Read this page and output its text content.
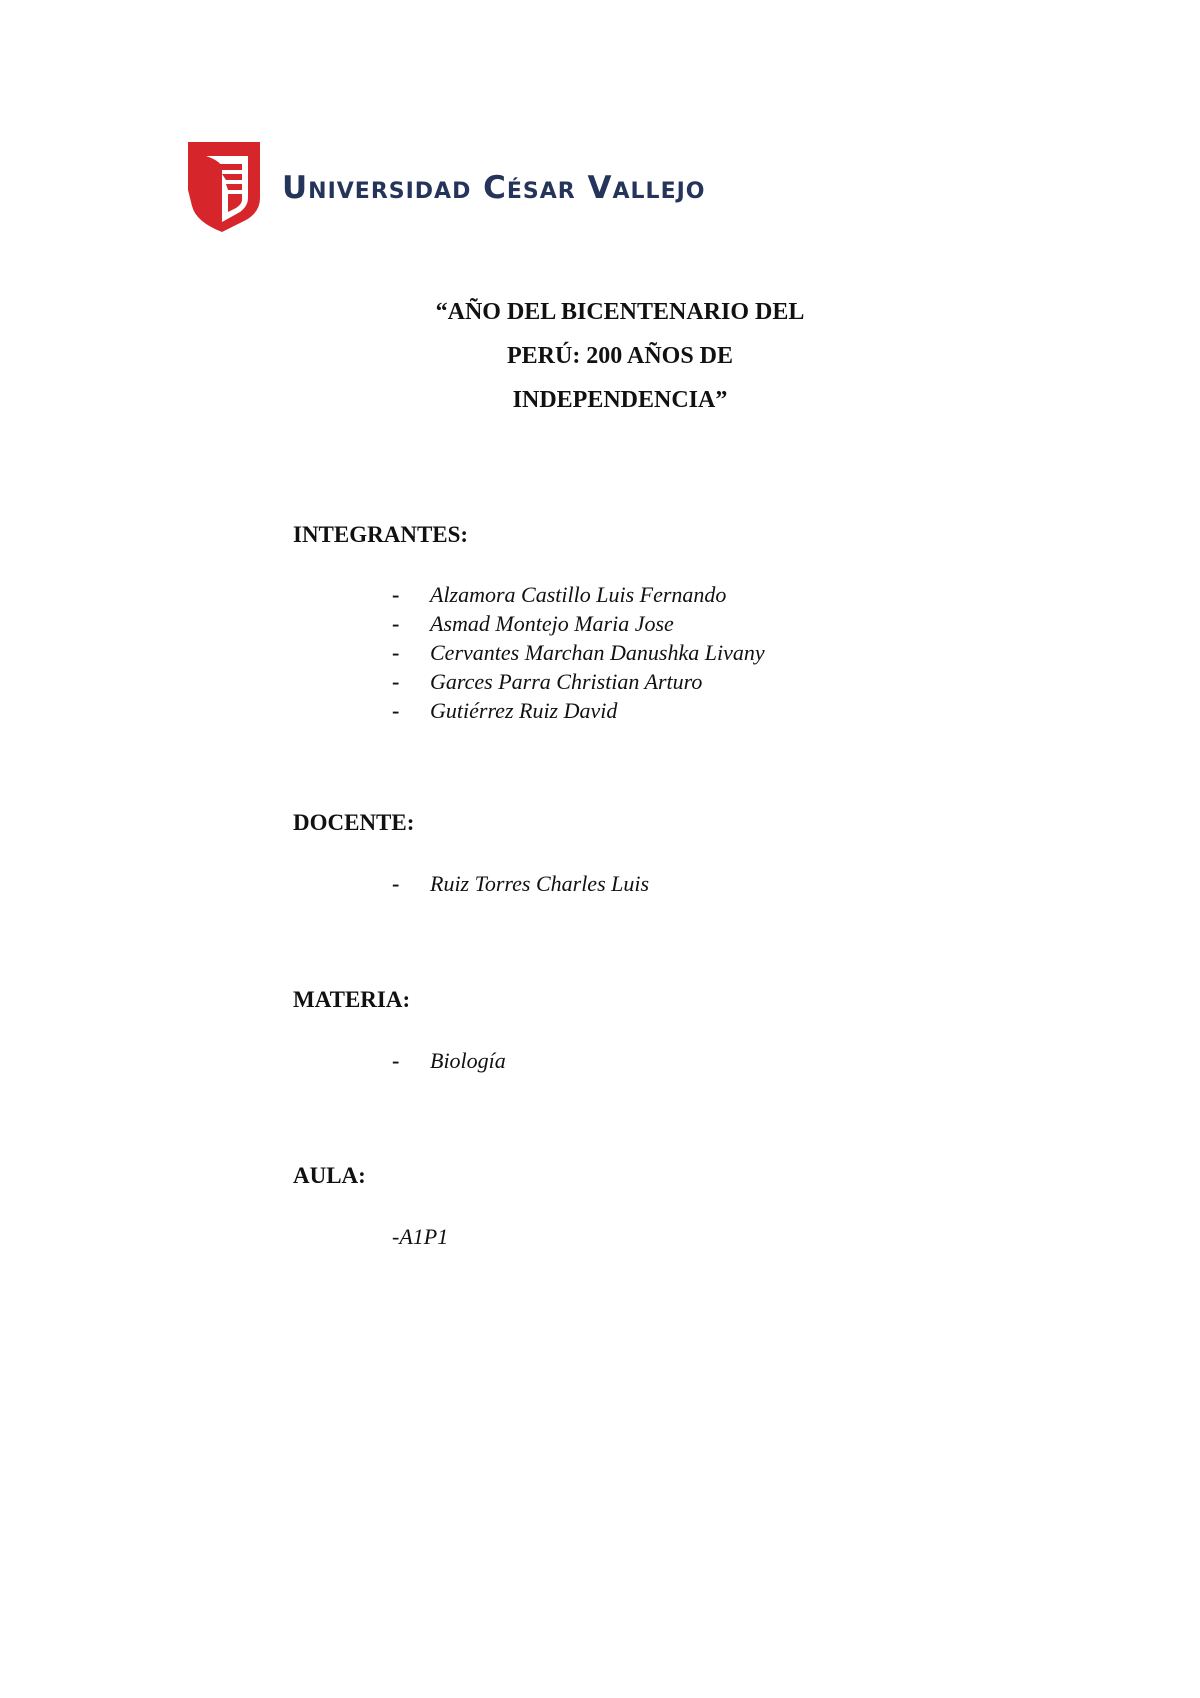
Universidad César Vallejo
“AÑO DEL BICENTENARIO DEL
PERÚ: 200 AÑOS DE
INDEPENDENCIA”
INTEGRANTES:
- Alzamora Castillo Luis Fernando
- Asmad Montejo Maria Jose
- Cervantes Marchan Danushka Livany
- Garces Parra Christian Arturo
- Gutiérrez Ruiz David
DOCENTE:
- Ruiz Torres Charles Luis
MATERIA:
- Biología
AULA:
-A1P1
